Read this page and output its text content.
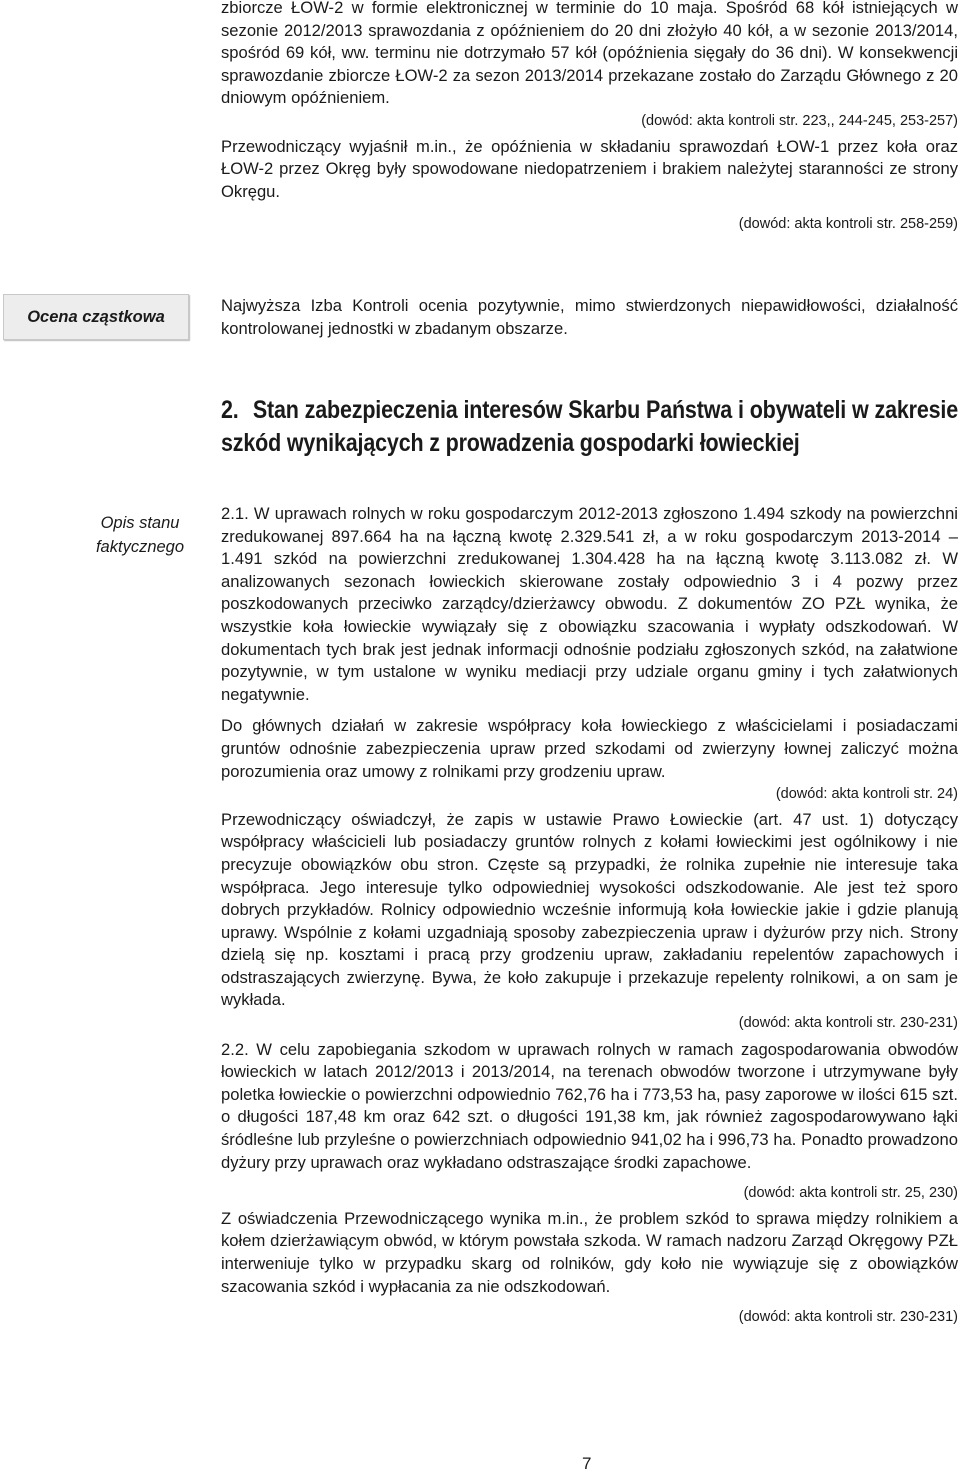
zbiorcze ŁOW-2 w formie elektronicznej w terminie do 10 maja. Spośród 68 kół istniejących w sezonie 2012/2013 sprawozdania z opóźnieniem do 20 dni złożyło 40 kół, a w sezonie 2013/2014, spośród 69 kół, ww. terminu nie dotrzymało 57 kół (opóźnienia sięgały do 36 dni). W konsekwencji sprawozdanie zbiorcze ŁOW-2 za sezon 2013/2014 przekazane zostało do Zarządu Głównego z 20 dniowym opóźnieniem.

(dowód: akta kontroli str. 223,, 244-245, 253-257)

Przewodniczący wyjaśnił m.in., że opóźnienia w składaniu sprawozdań ŁOW-1 przez koła oraz ŁOW-2 przez Okręg były spowodowane niedopatrzeniem i brakiem należytej staranności ze strony Okręgu.

(dowód: akta kontroli str. 258-259)

Ocena cząstkowa

Najwyższa Izba Kontroli ocenia pozytywnie, mimo stwierdzonych niepawidłowości, działalność kontrolowanej jednostki w zbadanym obszarze.

2. Stan zabezpieczenia interesów Skarbu Państwa i obywateli w zakresie szkód wynikających z prowadzenia gospodarki łowieckiej
Opis stanu faktycznego

2.1. W uprawach rolnych w roku gospodarczym 2012-2013 zgłoszono 1.494 szkody na powierzchni zredukowanej 897.664 ha na łączną kwotę 2.329.541 zł, a w roku gospodarczym 2013-2014 – 1.491 szkód na powierzchni zredukowanej 1.304.428 ha na łączną kwotę 3.113.082 zł. W analizowanych sezonach łowieckich skierowane zostały odpowiednio 3 i 4 pozwy przez poszkodowanych przeciwko zarządcy/dzierżawcy obwodu. Z dokumentów ZO PZŁ wynika, że wszystkie koła łowieckie wywiązały się z obowiązku szacowania i wypłaty odszkodowań. W dokumentach tych brak jest jednak informacji odnośnie podziału zgłoszonych szkód, na załatwione pozytywnie, w tym ustalone w wyniku mediacji przy udziale organu gminy i tych załatwionych negatywnie.

Do głównych działań w zakresie współpracy koła łowieckiego z właścicielami i posiadaczami gruntów odnośnie zabezpieczenia upraw przed szkodami od zwierzyny łownej zaliczyć można porozumienia oraz umowy z rolnikami przy grodzeniu upraw.

(dowód: akta kontroli str. 24)

Przewodniczący oświadczył, że zapis w ustawie Prawo Łowieckie (art. 47 ust. 1) dotyczący współpracy właścicieli lub posiadaczy gruntów rolnych z kołami łowieckimi jest ogólnikowy i nie precyzuje obowiązków obu stron. Częste są przypadki, że rolnika zupełnie nie interesuje taka współpraca. Jego interesuje tylko odpowiedniej wysokości odszkodowanie. Ale jest też sporo dobrych przykładów. Rolnicy odpowiednio wcześnie informują koła łowieckie jakie i gdzie planują uprawy. Wspólnie z kołami uzgadniają sposoby zabezpieczenia upraw i dyżurów przy nich. Strony dzielą się np. kosztami i pracą przy grodzeniu upraw, zakładaniu repelentów zapachowych i odstraszających zwierzynę. Bywa, że koło zakupuje i przekazuje repelenty rolnikowi, a on sam je wykłada.

(dowód: akta kontroli str. 230-231)

2.2. W celu zapobiegania szkodom w uprawach rolnych w ramach zagospodarowania obwodów łowieckich w latach 2012/2013 i 2013/2014, na terenach obwodów tworzone i utrzymywane były poletka łowieckie o powierzchni odpowiednio 762,76 ha i 773,53 ha, pasy zaporowe w ilości 615 szt. o długości 187,48 km oraz 642 szt. o długości 191,38 km, jak również zagospodarowywano łąki śródleśne lub przyleśne o powierzchniach odpowiednio 941,02 ha i 996,73 ha. Ponadto prowadzono dyżury przy uprawach oraz wykładano odstraszające środki zapachowe.

(dowód: akta kontroli str. 25, 230)

Z oświadczenia Przewodniczącego wynika m.in., że problem szkód to sprawa między rolnikiem a kołem dzierżawiącym obwód, w którym powstała szkoda. W ramach nadzoru Zarząd Okręgowy PZŁ interweniuje tylko w przypadku skarg od rolników, gdy koło nie wywiązuje się z obowiązków szacowania szkód i wypłacania za nie odszkodowań.

(dowód: akta kontroli str. 230-231)

7
